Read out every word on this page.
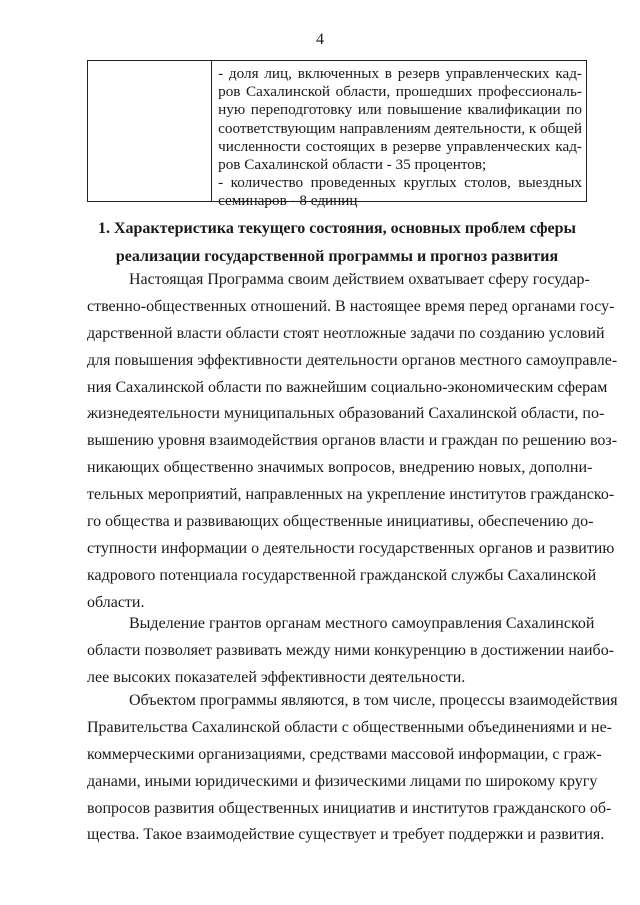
4
- доля лиц, включенных в резерв управленческих кад-
ров Сахалинской области, прошедших профессиональ-
ную переподготовку или повышение квалификации по
соответствующим направлениям деятельности, к общей
численности состоящих в резерве управленческих кад-
ров Сахалинской области - 35 процентов;
- количество проведенных круглых столов, выездных
семинаров - 8 единиц
1. Характеристика текущего состояния, основных проблем сферы
реализации государственной программы и прогноз развития
Настоящая Программа своим действием охватывает сферу государ-
ственно-общественных отношений. В настоящее время перед органами госу-
дарственной власти области стоят неотложные задачи по созданию условий
для повышения эффективности деятельности органов местного самоуправле-
ния Сахалинской области по важнейшим социально-экономическим сферам
жизнедеятельности муниципальных образований Сахалинской области, по-
вышению уровня взаимодействия органов власти и граждан по решению воз-
никающих общественно значимых вопросов, внедрению новых, дополни-
тельных мероприятий, направленных на укрепление институтов гражданско-
го общества и развивающих общественные инициативы, обеспечению до-
ступности информации о деятельности государственных органов и развитию
кадрового потенциала государственной гражданской службы Сахалинской
области.
Выделение грантов органам местного самоуправления Сахалинской
области позволяет развивать между ними конкуренцию в достижении наибо-
лее высоких показателей эффективности деятельности.
Объектом программы являются, в том числе, процессы взаимодействия
Правительства Сахалинской области с общественными объединениями и не-
коммерческими организациями, средствами массовой информации, с граж-
данами, иными юридическими и физическими лицами по широкому кругу
вопросов развития общественных инициатив и институтов гражданского об-
щества. Такое взаимодействие существует и требует поддержки и развития.
